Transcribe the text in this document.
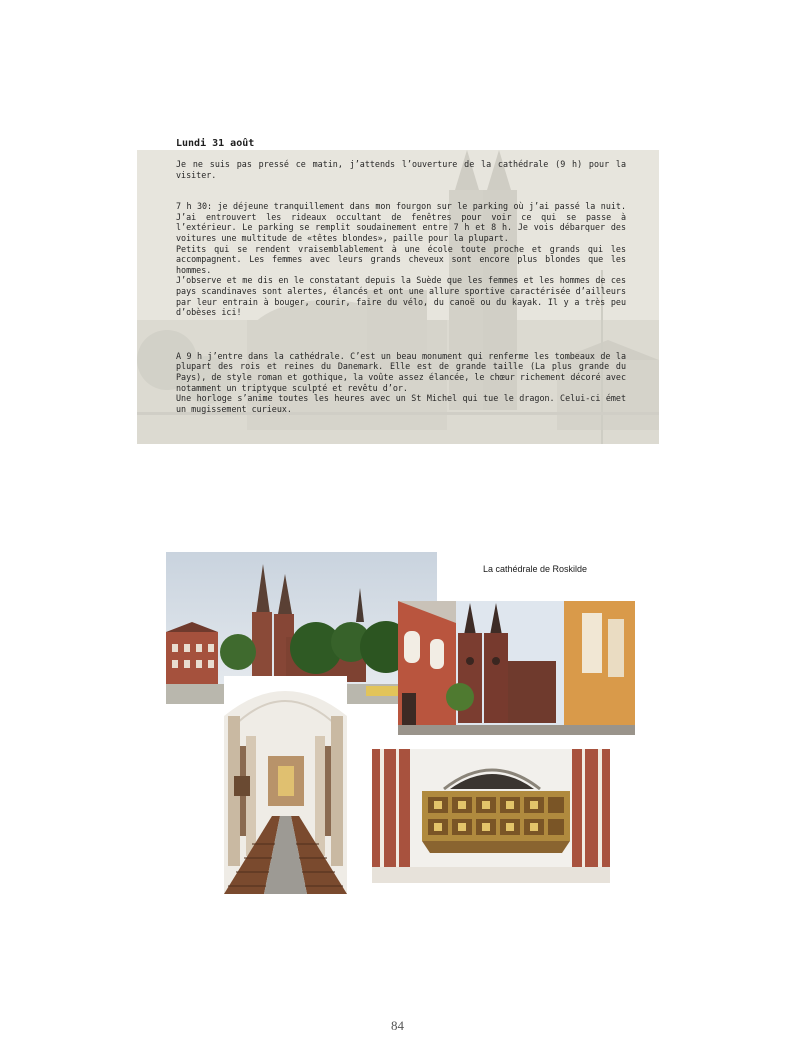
Lundi 31 août

Je ne suis pas pressé ce matin, j’attends l’ouverture de la cathédrale (9 h) pour la visiter.

7 h 30: je déjeune tranquillement dans mon fourgon sur le parking où j’ai passé la nuit. J’ai entrouvert les rideaux occultant de fenêtres pour voir ce qui se passe à l’extérieur. Le parking se remplit soudainement entre 7 h et 8 h. Je vois débarquer des voitures une multitude de «têtes blondes», paille pour la plupart.

Petits qui se rendent vraisemblablement à une école toute proche et grands qui les accompagnent. Les femmes avec leurs grands cheveux sont encore plus blondes que les hommes.

J’observe et me dis en le constatant depuis la Suède que les femmes et les hommes de ces pays scandinaves sont alertes, élancés et ont une allure sportive caractérisée d’ailleurs par leur entrain à bouger, courir, faire du vélo, du canoë ou du kayak. Il y a très peu d’obèses ici!

A 9 h j’entre dans la cathédrale. C’est un beau monument qui renferme les tombeaux de la plupart des rois et reines du Danemark. Elle est de grande taille (La plus grande du Pays), de style roman et gothique, la voûte assez élancée, le chœur richement décoré avec notamment un triptyque sculpté et revêtu d’or.

Une horloge s’anime toutes les heures avec un St Michel qui tue le dragon. Celui-ci émet un mugissement curieux.

La cathédrale de Roskilde

84
